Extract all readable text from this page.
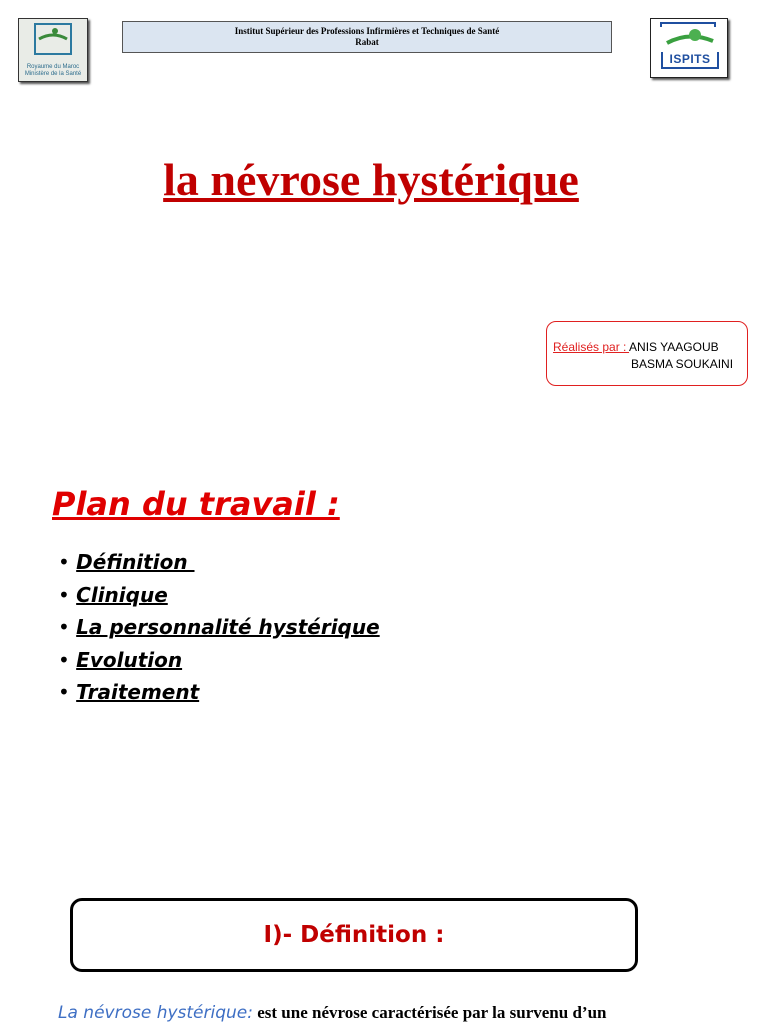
Royaume du Maroc
Ministère de la Santé
Institut Supérieur des Professions Infirmières et Techniques de Santé
Rabat
ISPITS
la névrose hystérique
Réalisés par : ANIS YAAGOUB
BASMA SOUKAINI
Plan du travail :
• Définition
• Clinique
• La personnalité hystérique
• Evolution
• Traitement
I)- Définition :
La névrose hystérique: est une névrose caractérisée par la survenu d’un
